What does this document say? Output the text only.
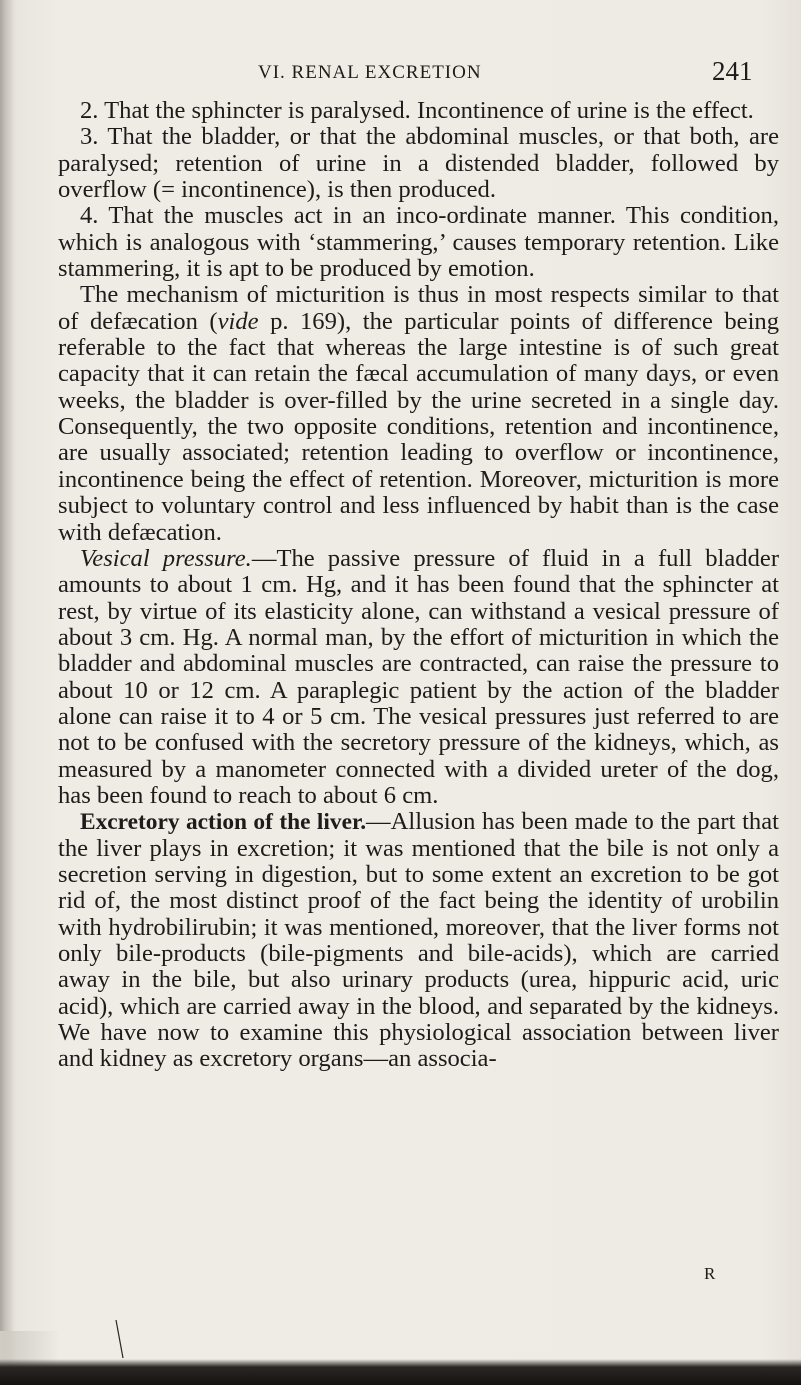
VI. RENAL EXCRETION	241

2. That the sphincter is paralysed. Incontinence of urine is the effect.

3. That the bladder, or that the abdominal muscles, or that both, are paralysed; retention of urine in a distended bladder, followed by overflow (= incontinence), is then produced.

4. That the muscles act in an inco-ordinate manner. This condition, which is analogous with ‘stammering,’ causes temporary retention. Like stammering, it is apt to be produced by emotion.

The mechanism of micturition is thus in most respects similar to that of defæcation (vide p. 169), the particular points of difference being referable to the fact that whereas the large intestine is of such great capacity that it can retain the fæcal accumulation of many days, or even weeks, the bladder is over-filled by the urine secreted in a single day. Consequently, the two opposite conditions, retention and incontinence, are usually associated; retention leading to overflow or incontinence, incontinence being the effect of retention. Moreover, micturition is more subject to voluntary control and less influenced by habit than is the case with defæcation.

Vesical pressure.—The passive pressure of fluid in a full bladder amounts to about 1 cm. Hg, and it has been found that the sphincter at rest, by virtue of its elasticity alone, can withstand a vesical pressure of about 3 cm. Hg. A normal man, by the effort of micturition in which the bladder and abdominal muscles are contracted, can raise the pressure to about 10 or 12 cm. A paraplegic patient by the action of the bladder alone can raise it to 4 or 5 cm. The vesical pressures just referred to are not to be confused with the secretory pressure of the kidneys, which, as measured by a manometer connected with a divided ureter of the dog, has been found to reach to about 6 cm.

Excretory action of the liver.—Allusion has been made to the part that the liver plays in excretion; it was mentioned that the bile is not only a secretion serving in digestion, but to some extent an excretion to be got rid of, the most distinct proof of the fact being the identity of urobilin with hydrobilirubin; it was mentioned, moreover, that the liver forms not only bile-products (bile-pigments and bile-acids), which are carried away in the bile, but also urinary products (urea, hippuric acid, uric acid), which are carried away in the blood, and separated by the kidneys. We have now to examine this physiological association between liver and kidney as excretory organs—an associa-

R
